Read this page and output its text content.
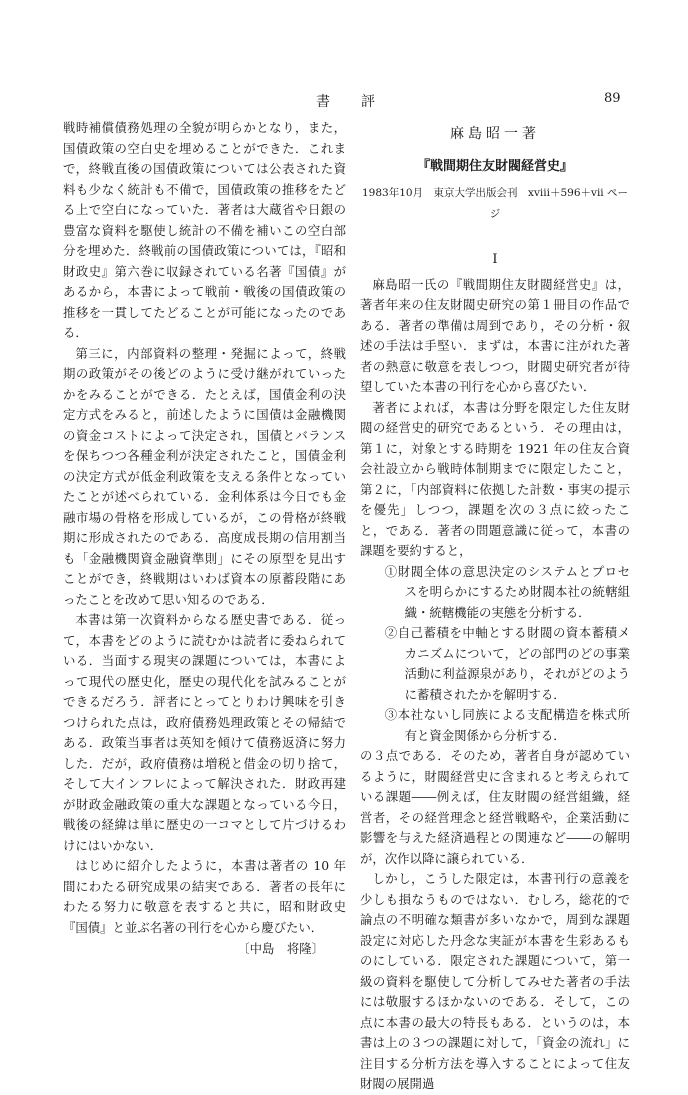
書 評	89

戦時補償債務処理の全貌が明らかとなり，また，国債政策の空白史を埋めることができた．これまで，終戦直後の国債政策については公表された資料も少なく統計も不備で，国債政策の推移をたどる上で空白になっていた．著者は大蔵省や日銀の豊富な資料を駆使し統計の不備を補いこの空白部分を埋めた．終戦前の国債政策については，『昭和財政史』第六巻に収録されている名著『国債』があるから，本書によって戦前・戦後の国債政策の推移を一貫してたどることが可能になったのである．

第三に，内部資料の整理・発掘によって，終戦期の政策がその後どのように受け継がれていったかをみることができる．たとえば，国債金利の決定方式をみると，前述したように国債は金融機関の資金コストによって決定され，国債とバランスを保ちつつ各種金利が決定されたこと，国債金利の決定方式が低金利政策を支える条件となっていたことが述べられている．金利体系は今日でも金融市場の骨格を形成しているが，この骨格が終戦期に形成されたのである．高度成長期の信用割当も「金融機関資金融資準則」にその原型を見出すことができ，終戦期はいわば資本の原蓄段階にあったことを改めて思い知るのである．

本書は第一次資料からなる歴史書である．従って，本書をどのように読むかは読者に委ねられている．当面する現実の課題については，本書によって現代の歴史化，歴史の現代化を試みることができるだろう．評者にとってとりわけ興味を引きつけられた点は，政府債務処理政策とその帰結である．政策当事者は英知を傾けて債務返済に努力した．だが，政府債務は増税と借金の切り捨て，そして大インフレによって解決された．財政再建が財政金融政策の重大な課題となっている今日，戦後の経緯は単に歴史の一コマとして片づけるわけにはいかない．

はじめに紹介したように，本書は著者の 10 年間にわたる研究成果の結実である．著者の長年にわたる努力に敬意を表すると共に，昭和財政史『国債』と並ぶ名著の刊行を心から慶びたい．

〔中島　将隆〕

麻島昭一著

『戦間期住友財閥経営史』

1983年10月　東京大学出版会刊　xviii＋596＋vii ページ

I

麻島昭一氏の『戦間期住友財閥経営史』は，著者年来の住友財閥史研究の第１冊目の作品である．著者の準備は周到であり，その分析・叙述の手法は手堅い．まずは，本書に注がれた著者の熱意に敬意を表しつつ，財閥史研究者が待望していた本書の刊行を心から喜びたい．

著者によれば，本書は分野を限定した住友財閥の経営史的研究であるという．その理由は，第１に，対象とする時期を 1921 年の住友合資会社設立から戦時体制期までに限定したこと，第２に，「内部資料に依拠した計数・事実の提示を優先」しつつ，課題を次の３点に絞ったこと，である．著者の問題意識に従って，本書の課題を要約すると，

①財閥全体の意思決定のシステムとプロセスを明らかにするため財閥本社の統轄組織・統轄機能の実態を分析する．

②自己蓄積を中軸とする財閥の資本蓄積メカニズムについて，どの部門のどの事業活動に利益源泉があり，それがどのように蓄積されたかを解明する．

③本社ないし同族による支配構造を株式所有と資金関係から分析する．

の３点である．そのため，著者自身が認めているように，財閥経営史に含まれると考えられている課題――例えば，住友財閥の経営組織，経営者，その経営理念と経営戦略や，企業活動に影響を与えた経済過程との関連など――の解明が，次作以降に譲られている．

しかし，こうした限定は，本書刊行の意義を少しも損なうものではない．むしろ，総花的で論点の不明確な類書が多いなかで，周到な課題設定に対応した丹念な実証が本書を生彩あるものにしている．限定された課題について，第一級の資料を駆使して分析してみせた著者の手法には敬服するほかないのである．そして，この点に本書の最大の特長もある．というのは，本書は上の３つの課題に対して，「資金の流れ」に注目する分析方法を導入することによって住友財閥の展開過
